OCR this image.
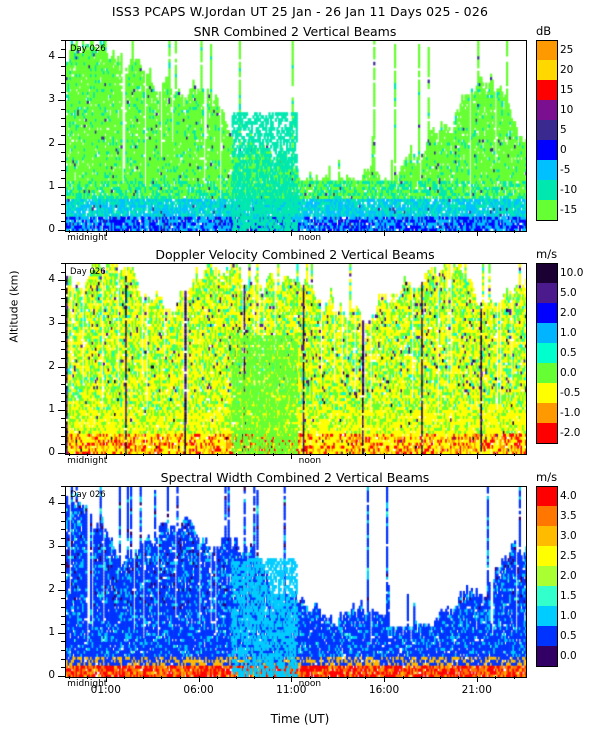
ISS3 PCAPS W.Jordan UT 25 Jan - 26 Jan 11 Days 025 - 026
SNR Combined 2 Vertical Beams
Day 026
0
1
2
3
4
midnight	noon
dB
25
20
15
10
5
0
-5
-10
-15
Doppler Velocity Combined 2 Vertical Beams
Day 026
0
1
2
3
4
midnight	noon
m/s
10.0
5.0
2.0
1.0
0.5
0.0
-0.5
-1.0
-2.0
Spectral Width Combined 2 Vertical Beams
Day 026
0
1
2
3
4
midnight	noon
01:00	06:00	11:00	16:00	21:00
m/s
4.0
3.5
3.0
2.5
2.0
1.5
1.0
0.5
0.0
Altitude (km)
Time (UT)
